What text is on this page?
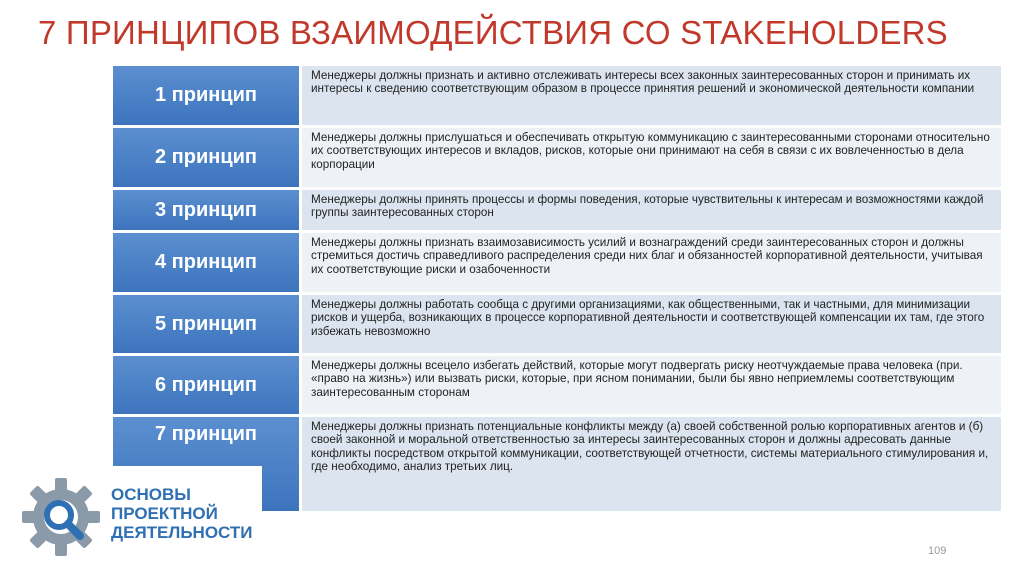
7 ПРИНЦИПОВ ВЗАИМОДЕЙСТВИЯ СО STAKEHOLDERS
1 принцип
Менеджеры должны признать и активно отслеживать интересы всех законных заинтересованных сторон и принимать их интересы к сведению соответствующим образом в процессе принятия решений и экономической деятельности компании
2 принцип
Менеджеры должны прислушаться и обеспечивать открытую коммуникацию с заинтересованными сторонами относительно их соответствующих интересов и вкладов, рисков, которые они принимают на себя в связи с их вовлеченностью в дела корпорации
3 принцип	Менеджеры должны принять процессы и формы поведения, которые чувствительны к интересам и возможностями каждой группы заинтересованных сторон
4 принцип
Менеджеры должны признать взаимозависимость усилий и вознаграждений среди заинтересованных сторон и должны стремиться достичь справедливого распределения среди них благ и обязанностей корпоративной деятельности, учитывая их соответствующие риски и озабоченности
5 принцип
Менеджеры должны работать сообща с другими организациями, как общественными, так и частными, для минимизации рисков и ущерба, возникающих в процессе корпоративной деятельности и соответствующей компенсации их там, где этого избежать невозможно
6 принцип
Менеджеры должны всецело избегать действий, которые могут подвергать риску неотчуждаемые права человека (при. «право на жизнь») или вызвать риски, которые, при ясном понимании, были бы явно неприемлемы соответствующим заинтересованным сторонам
7 принцип	Менеджеры должны признать потенциальные конфликты между (а) своей собственной ролью корпоративных агентов и (б) своей законной и моральной ответственностью за интересы заинтересованных сторон и должны адресовать данные конфликты посредством открытой коммуникации, соответствующей отчетности, системы материального стимулирования и, где необходимо, анализ третьих лиц.
ОСНОВЫ
ПРОЕКТНОЙ
ДЕЯТЕЛЬНОСТИ
109
